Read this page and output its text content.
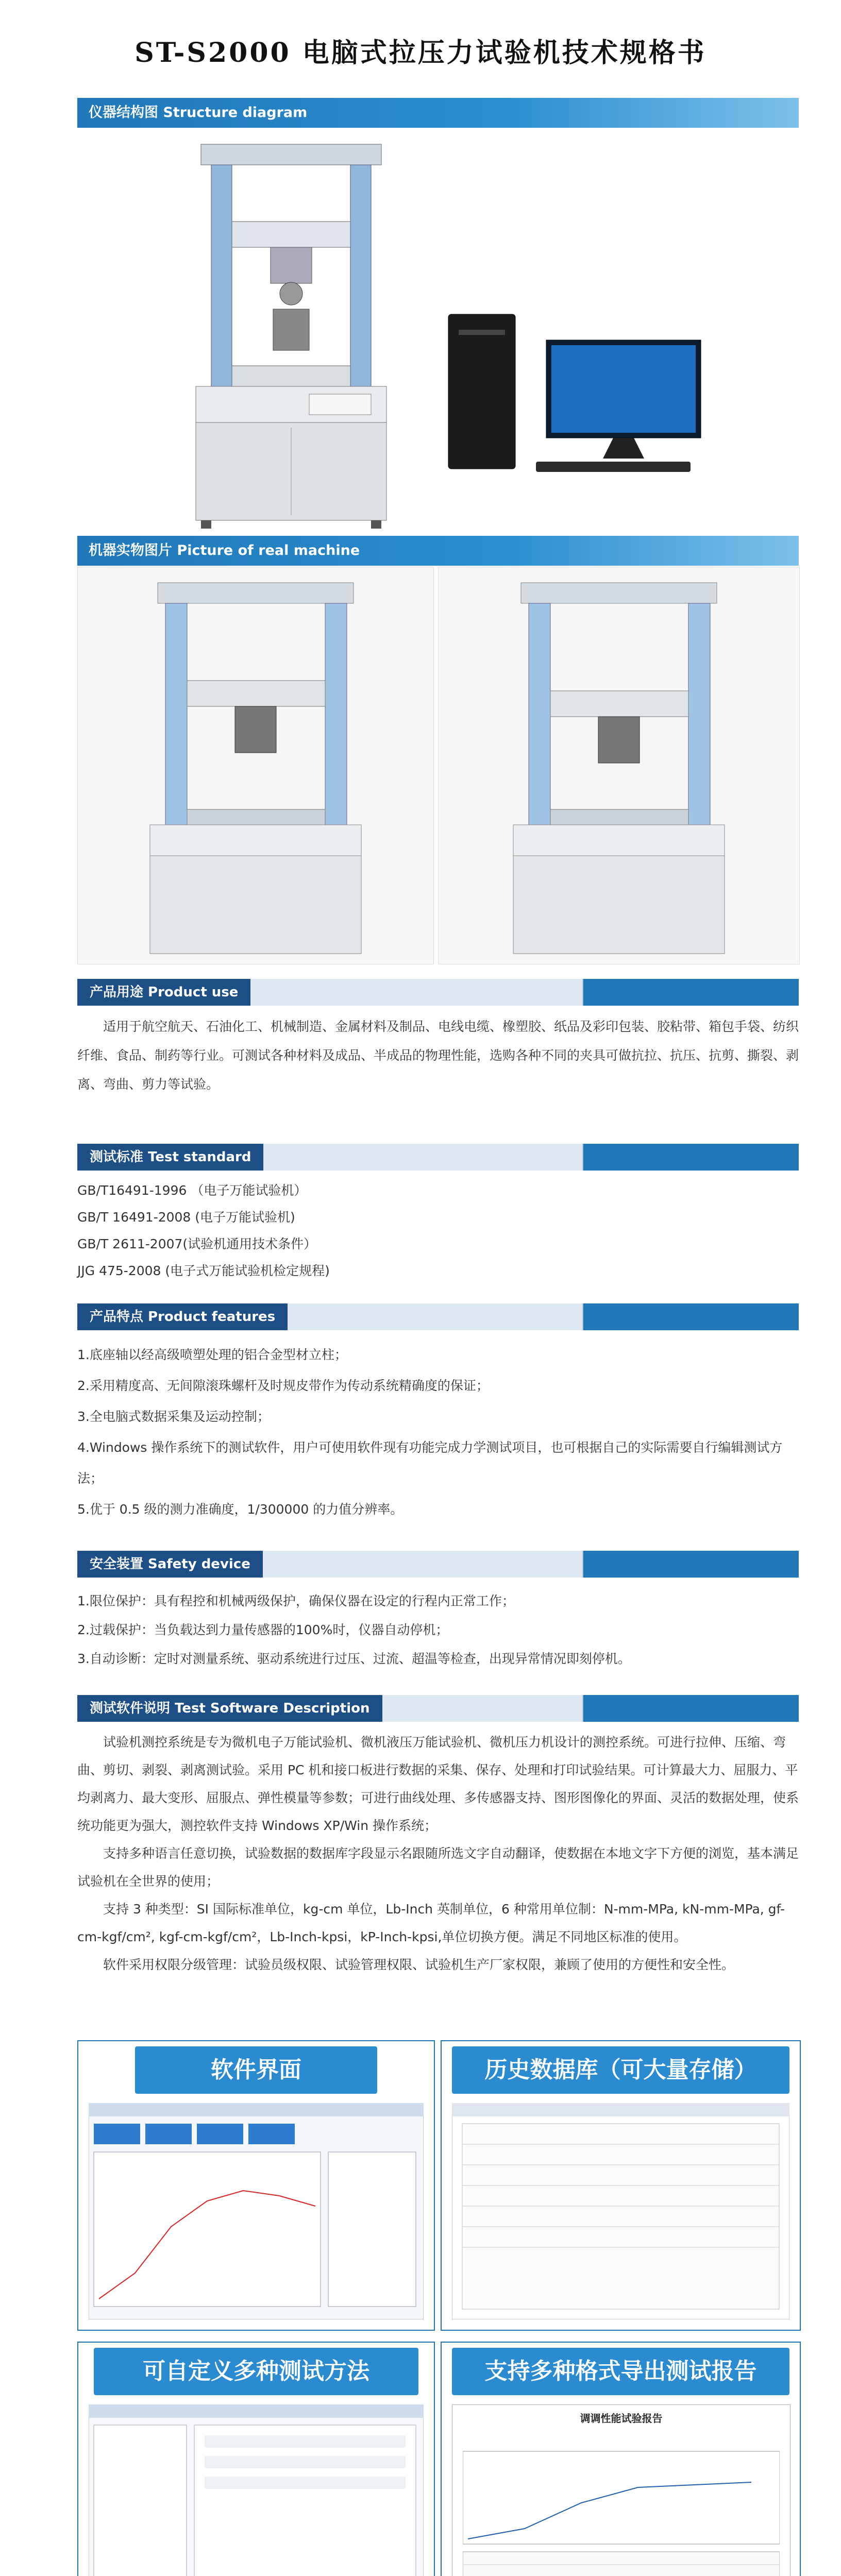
ST-S2000 电脑式拉压力试验机技术规格书
仪器结构图 Structure diagram
机器实物图片 Picture of real machine
产品用途 Product use

适用于航空航天、石油化工、机械制造、金属材料及制品、电线电缆、橡塑胶、纸品及彩印包装、胶粘带、箱包手袋、纺织纤维、食品、制药等行业。可测试各种材料及成品、半成品的物理性能，选购各种不同的夹具可做抗拉、抗压、抗剪、撕裂、剥离、弯曲、剪力等试验。

测试标准 Test standard

GB/T16491-1996 （电子万能试验机）

GB/T 16491-2008 (电子万能试验机)

GB/T 2611-2007(试验机通用技术条件）

JJG 475-2008 (电子式万能试验机检定规程)

产品特点 Product features

1.底座轴以经高级喷塑处理的铝合金型材立柱；

2.采用精度高、无间隙滚珠螺杆及时规皮带作为传动系统精确度的保证；

3.全电脑式数据采集及运动控制；

4.Windows 操作系统下的测试软件，用户可使用软件现有功能完成力学测试项目，也可根据自己的实际需要自行编辑测试方法；

5.优于 0.5 级的测力准确度，1/300000 的力值分辨率。

安全装置 Safety device

1.限位保护：具有程控和机械两级保护，确保仪器在设定的行程内正常工作；

2.过载保护：当负载达到力量传感器的100%时，仪器自动停机；

3.自动诊断：定时对测量系统、驱动系统进行过压、过流、超温等检查，出现异常情况即刻停机。

测试软件说明 Test Software Description

试验机测控系统是专为微机电子万能试验机、微机液压万能试验机、微机压力机设计的测控系统。可进行拉伸、压缩、弯曲、剪切、剥裂、剥离测试验。采用 PC 机和接口板进行数据的采集、保存、处理和打印试验结果。可计算最大力、屈服力、平均剥离力、最大变形、屈服点、弹性模量等参数；可进行曲线处理、多传感器支持、图形图像化的界面、灵活的数据处理，使系统功能更为强大，测控软件支持 Windows XP/Win 操作系统；

支持多种语言任意切换，试验数据的数据库字段显示名跟随所选文字自动翻译，使数据在本地文字下方便的浏览，基本满足试验机在全世界的使用；

支持 3 种类型：SI 国际标准单位，kg-cm 单位，Lb-Inch 英制单位，6 种常用单位制：N-mm-MPa, kN-mm-MPa, gf-cm-kgf/cm², kgf-cm-kgf/cm²，Lb-Inch-kpsi，kP-Inch-kpsi,单位切换方便。满足不同地区标准的使用。

软件采用权限分级管理：试验员级权限、试验管理权限、试验机生产厂家权限，兼顾了使用的方便性和安全性。

软件界面	历史数据库（可大量存储）
可自定义多种测试方法	支持多种格式导出测试报告
调调性能试验报告
